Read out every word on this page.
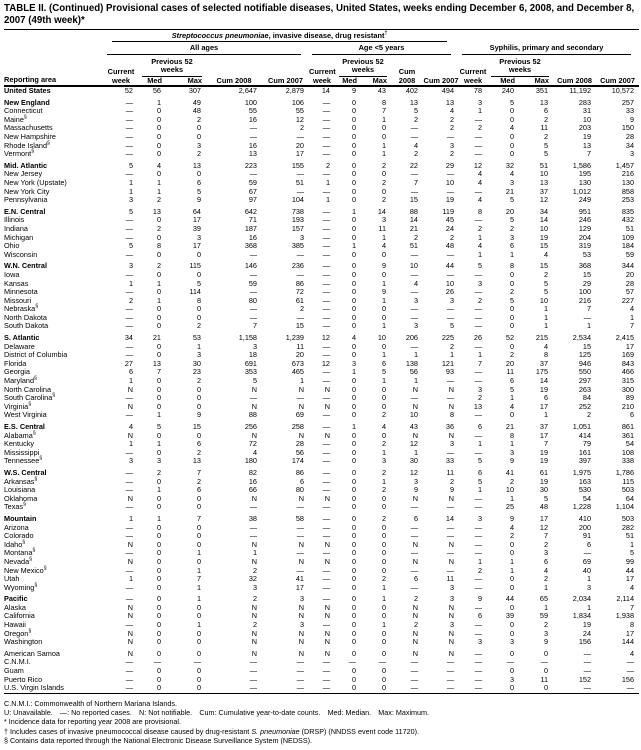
TABLE II. (Continued) Provisional cases of selected notifiable diseases, United States, weeks ending December 6, 2008, and December 8, 2007 (49th week)*
Reporting area	Streptococcus pneumoniae, invasive disease, drug resistant†

	All ages					Age <5 years					Syphilis, primary and secondary				

	Current week	Previous 52 weeks		Cum 2008	Cum 2007	Current week	Previous 52 weeks		Cum 2008	Cum 2007	Current week	Previous 52 weeks		Cum 2008	Cum 2007
		Med	Max				Med	Max				Med	Max		
United States	52	56	307	2,647	2,879	14	9	43	402	494	78	240	351	11,192	10,572

New England	—	1	49	100	106	—	0	8	13	13	3	5	13	283	257
Connecticut	—	0	48	55	55	—	0	7	5	4	1	0	6	31	33
Maine§	—	0	2	16	12	—	0	1	2	2	—	0	2	10	9
Massachusetts	—	0	0	—	2	—	0	0	—	2	2	4	11	203	150
New Hampshire	—	0	0	—	—	—	0	0	—	—	—	0	2	19	28
Rhode Island§	—	0	3	16	20	—	0	1	4	3	—	0	5	13	34
Vermont§	—	0	2	13	17	—	0	1	2	2	—	0	5	7	3

Mid. Atlantic	5	4	13	223	155	2	0	2	22	29	12	32	51	1,586	1,457
New Jersey	—	0	0	—	—	—	0	0	—	—	4	4	10	195	216
New York (Upstate)	1	1	6	59	51	1	0	2	7	10	4	3	13	130	130
New York City	1	1	5	67	—	—	0	0	—	—	—	21	37	1,012	858
Pennsylvania	3	2	9	97	104	1	0	2	15	19	4	5	12	249	253

E.N. Central	5	13	64	642	738	—	1	14	88	119	8	20	34	951	835
Illinois	—	0	17	71	193	—	0	3	14	45	—	5	14	246	432
Indiana	—	2	39	187	157	—	0	11	21	24	2	2	10	129	51
Michigan	—	0	3	16	3	—	0	1	2	2	1	3	19	204	109
Ohio	5	8	17	368	385	—	1	4	51	48	4	6	15	319	184
Wisconsin	—	0	0	—	—	—	0	0	—	—	1	1	4	53	59

W.N. Central	3	2	115	146	236	—	0	9	10	44	5	8	15	368	344
Iowa	—	0	0	—	—	—	0	0	—	—	—	0	2	15	20
Kansas	1	1	5	59	86	—	0	1	4	10	3	0	5	29	28
Minnesota	—	0	114	—	72	—	0	9	—	26	—	2	5	100	57
Missouri	2	1	8	80	61	—	0	1	3	3	2	5	10	216	227
Nebraska§	—	0	0	—	2	—	0	0	—	—	—	0	1	7	4
North Dakota	—	0	0	—	—	—	0	0	—	—	—	0	1	—	1
South Dakota	—	0	2	7	15	—	0	1	3	5	—	0	1	1	7

S. Atlantic	34	21	53	1,158	1,239	12	4	10	206	225	26	52	215	2,534	2,415
Delaware	—	0	1	3	11	—	0	0	—	2	—	0	4	15	17
District of Columbia	—	0	3	18	20	—	0	1	1	1	1	2	8	125	169
Florida	27	13	30	691	673	12	3	6	138	121	7	20	37	946	843
Georgia	6	7	23	353	465	—	1	5	56	93	—	11	175	550	466
Maryland§	1	0	2	5	1	—	0	1	1	—	—	6	14	297	315
North Carolina	N	0	0	N	N	N	0	0	N	N	3	5	19	263	300
South Carolina§	—	0	0	—	—	—	0	0	—	—	2	1	6	84	89
Virginia§	N	0	0	N	N	N	0	0	N	N	13	4	17	252	210
West Virginia	—	1	9	88	69	—	0	2	10	8	—	0	1	2	6

E.S. Central	4	5	15	256	258	—	1	4	43	36	6	21	37	1,051	861
Alabama§	N	0	0	N	N	N	0	0	N	N	—	8	17	414	361
Kentucky	1	1	6	72	28	—	0	2	12	3	1	1	7	79	54
Mississippi	—	0	2	4	56	—	0	1	1	—	—	3	19	161	108
Tennessee§	3	3	13	180	174	—	0	3	30	33	5	9	19	397	338

W.S. Central	—	2	7	82	86	—	0	2	12	11	6	41	61	1,975	1,786
Arkansas§	—	0	2	16	6	—	0	1	3	2	5	2	19	163	115
Louisiana	—	1	6	66	80	—	0	2	9	9	1	10	30	530	503
Oklahoma	N	0	0	N	N	N	0	0	N	N	—	1	5	54	64
Texas§	—	0	0	—	—	—	0	0	—	—	—	25	48	1,228	1,104

Mountain	1	1	7	38	58	—	0	2	6	14	3	9	17	410	503
Arizona	—	0	0	—	—	—	0	0	—	—	—	4	12	200	282
Colorado	—	0	0	—	—	—	0	0	—	—	—	2	7	91	51
Idaho§	N	0	0	N	N	N	0	0	N	N	—	0	2	6	1
Montana§	—	0	1	1	—	—	0	0	—	—	—	0	3	—	5
Nevada§	N	0	0	N	N	N	0	0	N	N	1	1	6	69	99
New Mexico§	—	0	1	2	—	—	0	0	—	—	2	1	4	40	44
Utah	1	0	7	32	41	—	0	2	6	11	—	0	2	1	17
Wyoming§	—	0	1	3	17	—	0	1	—	3	—	0	1	3	4

Pacific	—	0	1	2	3	—	0	1	2	3	9	44	65	2,034	2,114
Alaska	N	0	0	N	N	N	0	0	N	N	—	0	1	1	7
California	N	0	0	N	N	N	0	0	N	N	6	39	59	1,834	1,938
Hawaii	—	0	1	2	3	—	0	1	2	3	—	0	2	19	8
Oregon§	N	0	0	N	N	N	0	0	N	N	—	0	3	24	17
Washington	N	0	0	N	N	N	0	0	N	N	3	3	9	156	144

American Samoa	N	0	0	N	N	N	0	0	N	N	—	0	0	—	4
C.N.M.I.	—	—	—	—	—	—	—	—	—	—	—	—	—	—	—
Guam	—	0	0	—	—	—	0	0	—	—	—	0	0	—	—
Puerto Rico	—	0	0	—	—	—	0	0	—	—	—	3	11	152	156
U.S. Virgin Islands	—	0	0	—	—	—	0	0	—	—	—	0	0	—	—

C.N.M.I.: Commonwealth of Northern Mariana Islands.
U: Unavailable. —: No reported cases. N: Not notifiable. Cum: Cumulative year-to-date counts. Med: Median. Max: Maximum.
* Incidence data for reporting year 2008 are provisional.
† Includes cases of invasive pneumococcal disease caused by drug-resistant S. pneumoniae (DRSP) (NNDSS event code 11720).
§ Contains data reported through the National Electronic Disease Surveillance System (NEDSS).
